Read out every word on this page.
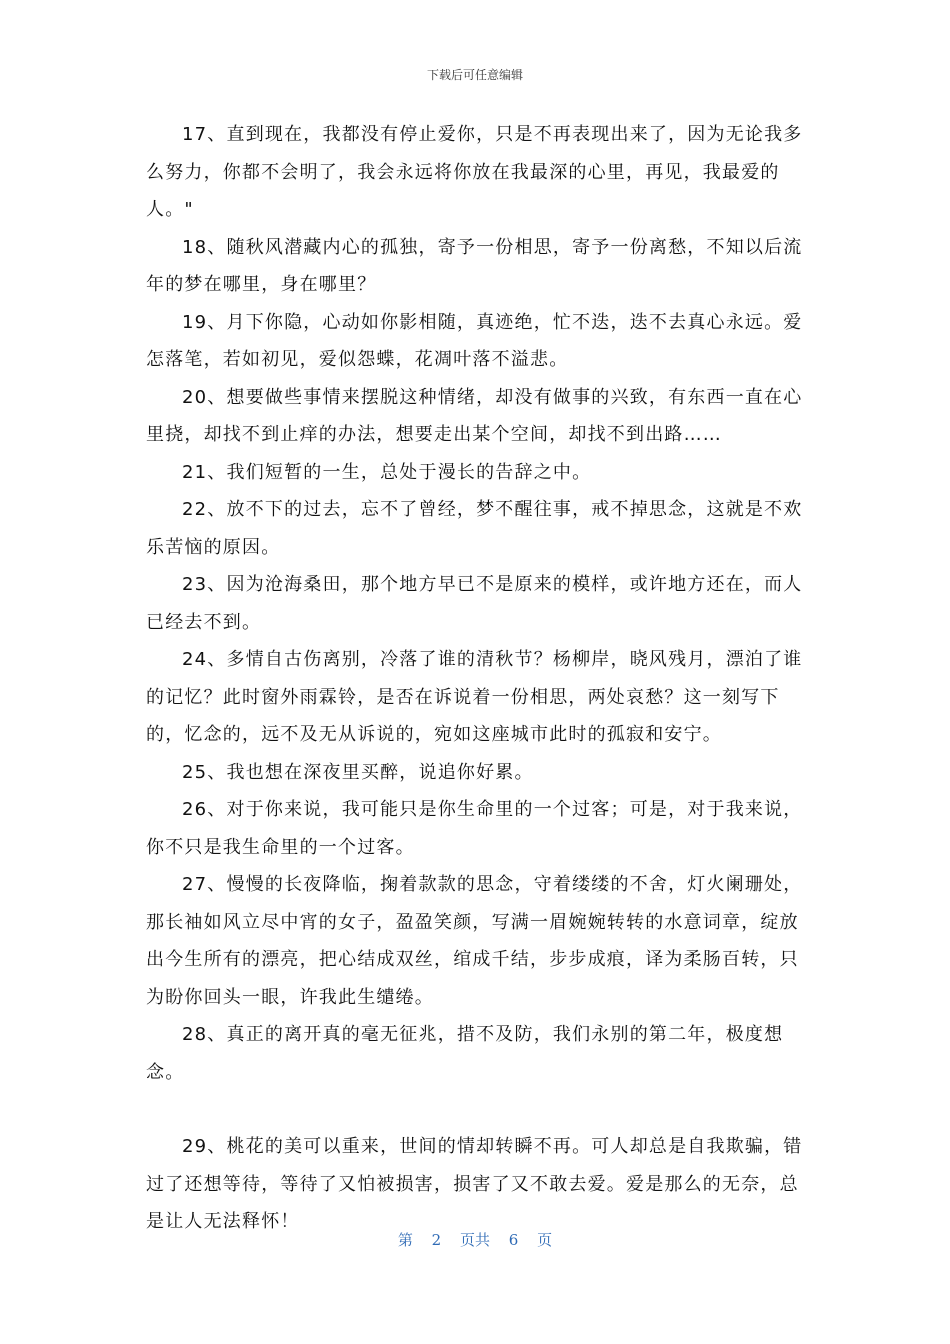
下载后可任意编辑

17、直到现在，我都没有停止爱你，只是不再表现出来了，因为无论我多么努力，你都不会明了，我会永远将你放在我最深的心里，再见，我最爱的人。"

18、随秋风潜藏内心的孤独，寄予一份相思，寄予一份离愁，不知以后流年的梦在哪里，身在哪里？

19、月下你隐，心动如你影相随，真迹绝，忙不迭，迭不去真心永远。爱怎落笔，若如初见，爱似怨蝶，花凋叶落不溢悲。

20、想要做些事情来摆脱这种情绪，却没有做事的兴致，有东西一直在心里挠，却找不到止痒的办法，想要走出某个空间，却找不到出路……

21、我们短暂的一生，总处于漫长的告辞之中。

22、放不下的过去，忘不了曾经，梦不醒往事，戒不掉思念，这就是不欢乐苦恼的原因。

23、因为沧海桑田，那个地方早已不是原来的模样，或许地方还在，而人已经去不到。

24、多情自古伤离别，冷落了谁的清秋节？杨柳岸，晓风残月，漂泊了谁的记忆？此时窗外雨霖铃，是否在诉说着一份相思，两处哀愁？这一刻写下的，忆念的，远不及无从诉说的，宛如这座城市此时的孤寂和安宁。

25、我也想在深夜里买醉，说追你好累。

26、对于你来说，我可能只是你生命里的一个过客；可是，对于我来说，你不只是我生命里的一个过客。

27、慢慢的长夜降临，掬着款款的思念，守着缕缕的不舍，灯火阑珊处，那长袖如风立尽中宵的女子，盈盈笑颜，写满一眉婉婉转转的水意词章，绽放出今生所有的漂亮，把心结成双丝，绾成千结，步步成痕，译为柔肠百转，只为盼你回头一眼，许我此生缱绻。

28、真正的离开真的毫无征兆，措不及防，我们永别的第二年，极度想念。

29、桃花的美可以重来，世间的情却转瞬不再。可人却总是自我欺骗，错过了还想等待，等待了又怕被损害，损害了又不敢去爱。爱是那么的无奈，总是让人无法释怀！

第 2 页共 6 页
